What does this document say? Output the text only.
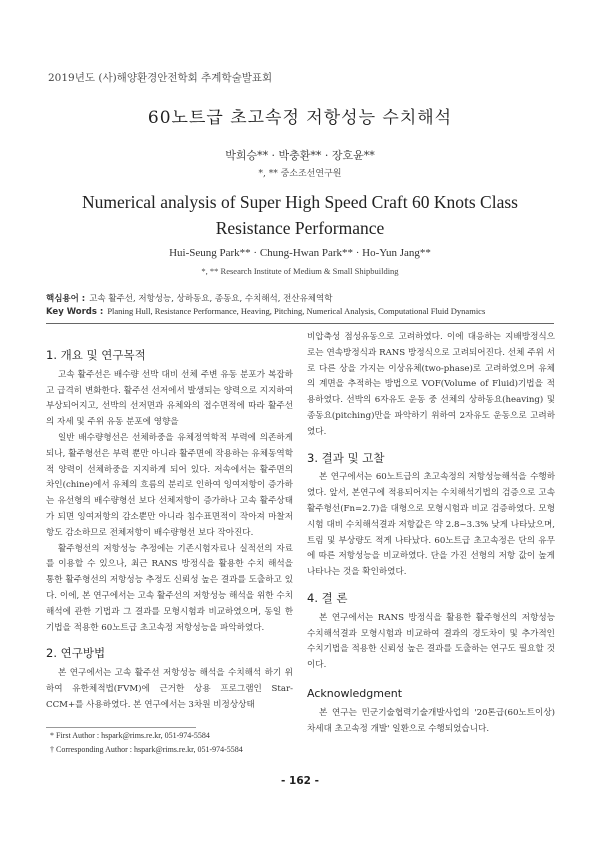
2019년도 (사)해양환경안전학회 추계학술발표회
60노트급 초고속정 저항성능 수치해석
박희승** · 박충환** · 장호윤**
*, ** 중소조선연구원
Numerical analysis of Super High Speed Craft 60 Knots Class Resistance Performance
Hui-Seung Park** · Chung-Hwan Park** · Ho-Yun Jang**
*, ** Research Institute of Medium & Small Shipbuilding
핵심용어 : 고속 활주선, 저항성능, 상하동요, 종동요, 수치해석, 전산유체역학
Key Words : Planing Hull, Resistance Performance, Heaving, Pitching, Numerical Analysis, Computational Fluid Dynamics
1. 개요 및 연구목적

고속 활주선은 배수량 선박 대비 선체 주변 유동 분포가 복잡하고 급격히 변화한다. 활주선 선저에서 발생되는 양력으로 지지하여 부상되어지고, 선박의 선저면과 유체와의 접수면적에 따라 활주선의 자세 및 주위 유동 분포에 영향을

일반 배수량형선은 선체하중을 유체정역학적 부력에 의존하게 되나, 활주형선은 부력 뿐만 아니라 활주면에 작용하는 유체동역학적 양력이 선체하중을 지지하게 되어 있다. 저속에서는 활주면의 차인(chine)에서 유체의 흐름의 분리로 인하여 잉여저항이 증가하는 유선형의 배수량형선 보다 선체저항이 증가하나 고속 활주상태가 되면 잉여저항의 감소뿐만 아니라 침수표면적이 작아져 마찰저항도 감소하므로 전체저항이 배수량형선 보다 작아진다.

활주형선의 저항성능 추정에는 기존시험자료나 실적선의 자료를 이용할 수 있으나, 최근 RANS 방정식을 활용한 수치 해석을 통한 활주형선의 저항성능 추정도 신뢰성 높은 결과를 도출하고 있다. 이에, 본 연구에서는 고속 활주선의 저항성능 해석을 위한 수치해석에 관한 기법과 그 결과를 모형시험과 비교하였으며, 동일 한 기법을 적용한 60노트급 초고속정 저항성능을 파악하였다.

2. 연구방법

본 연구에서는 고속 활주선 저항성능 해석을 수치해석 하기 위하여 유한체적법(FVM)에 근거한 상용 프로그램인 Star-CCM+를 사용하였다. 본 연구에서는 3차원 비정상상태

비압축성 점성유동으로 고려하였다. 이에 대응하는 지배방정식으로는 연속방정식과 RANS 방정식으로 고려되어진다. 선체 주위 서로 다른 상을 가지는 이상유체(two-phase)로 고려하였으며 유체의 계면을 추적하는 방법으로 VOF(Volume of Fluid)기법을 적용하였다. 선박의 6자유도 운동 중 선체의 상하동요(heaving) 및 종동요(pitching)만을 파악하기 위하여 2자유도 운동으로 고려하였다.

3. 결과 및 고찰

본 연구에서는 60노트급의 초고속정의 저항성능해석을 수행하였다. 앞서, 본연구에 적용되어지는 수치해석기법의 검증으로 고속 활주형선(Fn=2.7)을 대형으로 모형시험과 비교 검증하였다. 모형시험 대비 수치해석결과 저항값은 약 2.8~3.3% 낮게 나타났으며, 트림 및 부상량도 적게 나타났다. 60노트급 초고속정은 단의 유무에 따른 저항성능을 비교하였다. 단을 가진 선형의 저항 값이 높게 나타나는 것을 확인하였다.

4. 결 론

본 연구에서는 RANS 방정식을 활용한 활주형선의 저항성능 수치해석결과 모형시험과 비교하여 결과의 경도차이 및 추가적인 수치기법을 적용한 신뢰성 높은 결과를 도출하는 연구도 필요할 것이다.

Acknowledgment

본 연구는 민군기술협력기술개발사업의 '20톤급(60노트이상) 차세대 초고속정 개발' 일환으로 수행되었습니다.

* First Author : hspark@rims.re.kr, 051-974-5584
† Corresponding Author : hspark@rims.re.kr, 051-974-5584
- 162 -
